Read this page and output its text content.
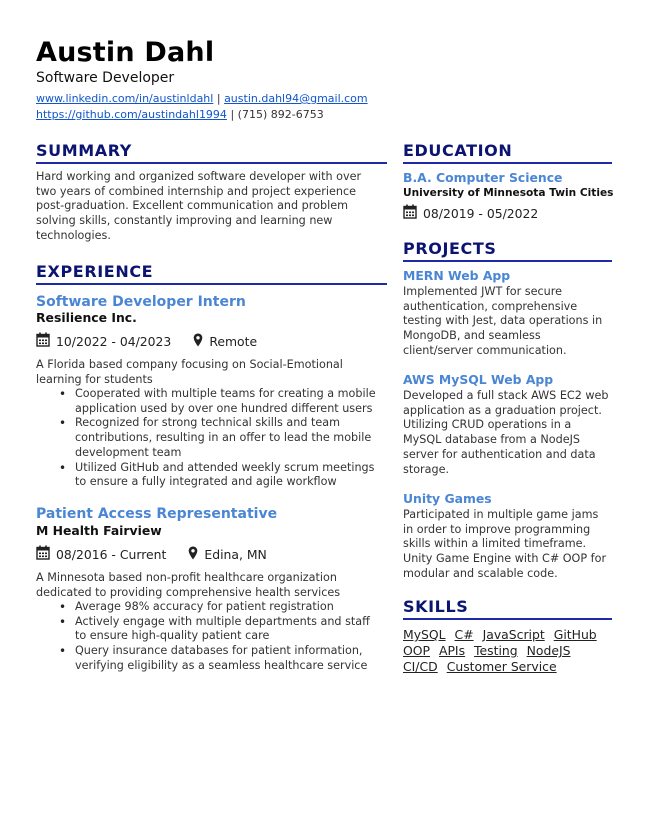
Austin Dahl
Software Developer
www.linkedin.com/in/austinldahl | austin.dahl94@gmail.com
https://github.com/austindahl1994 | (715) 892-6753
SUMMARY
Hard working and organized software developer with over
two years of combined internship and project experience
post-graduation. Excellent communication and problem
solving skills, constantly improving and learning new
technologies.
EXPERIENCE
Software Developer Intern
Resilience Inc.
10/2022 - 04/2023	Remote
A Florida based company focusing on Social-Emotional
learning for students
• Cooperated with multiple teams for creating a mobile
application used by over one hundred different users
• Recognized for strong technical skills and team
contributions, resulting in an offer to lead the mobile
development team
• Utilized GitHub and attended weekly scrum meetings
to ensure a fully integrated and agile workflow
Patient Access Representative
M Health Fairview
08/2016 - Current	Edina, MN
A Minnesota based non-profit healthcare organization
dedicated to providing comprehensive health services
• Average 98% accuracy for patient registration
• Actively engage with multiple departments and staff
to ensure high-quality patient care
• Query insurance databases for patient information,
verifying eligibility as a seamless healthcare service
EDUCATION
B.A. Computer Science
University of Minnesota Twin Cities
08/2019 - 05/2022
PROJECTS
MERN Web App
Implemented JWT for secure
authentication, comprehensive
testing with Jest, data operations in
MongoDB, and seamless
client/server communication.
AWS MySQL Web App
Developed a full stack AWS EC2 web
application as a graduation project.
Utilizing CRUD operations in a
MySQL database from a NodeJS
server for authentication and data
storage.
Unity Games
Participated in multiple game jams
in order to improve programming
skills within a limited timeframe.
Unity Game Engine with C# OOP for
modular and scalable code.
SKILLS
MySQL C# JavaScript GitHub
OOP APIs Testing NodeJS
CI/CD Customer Service
